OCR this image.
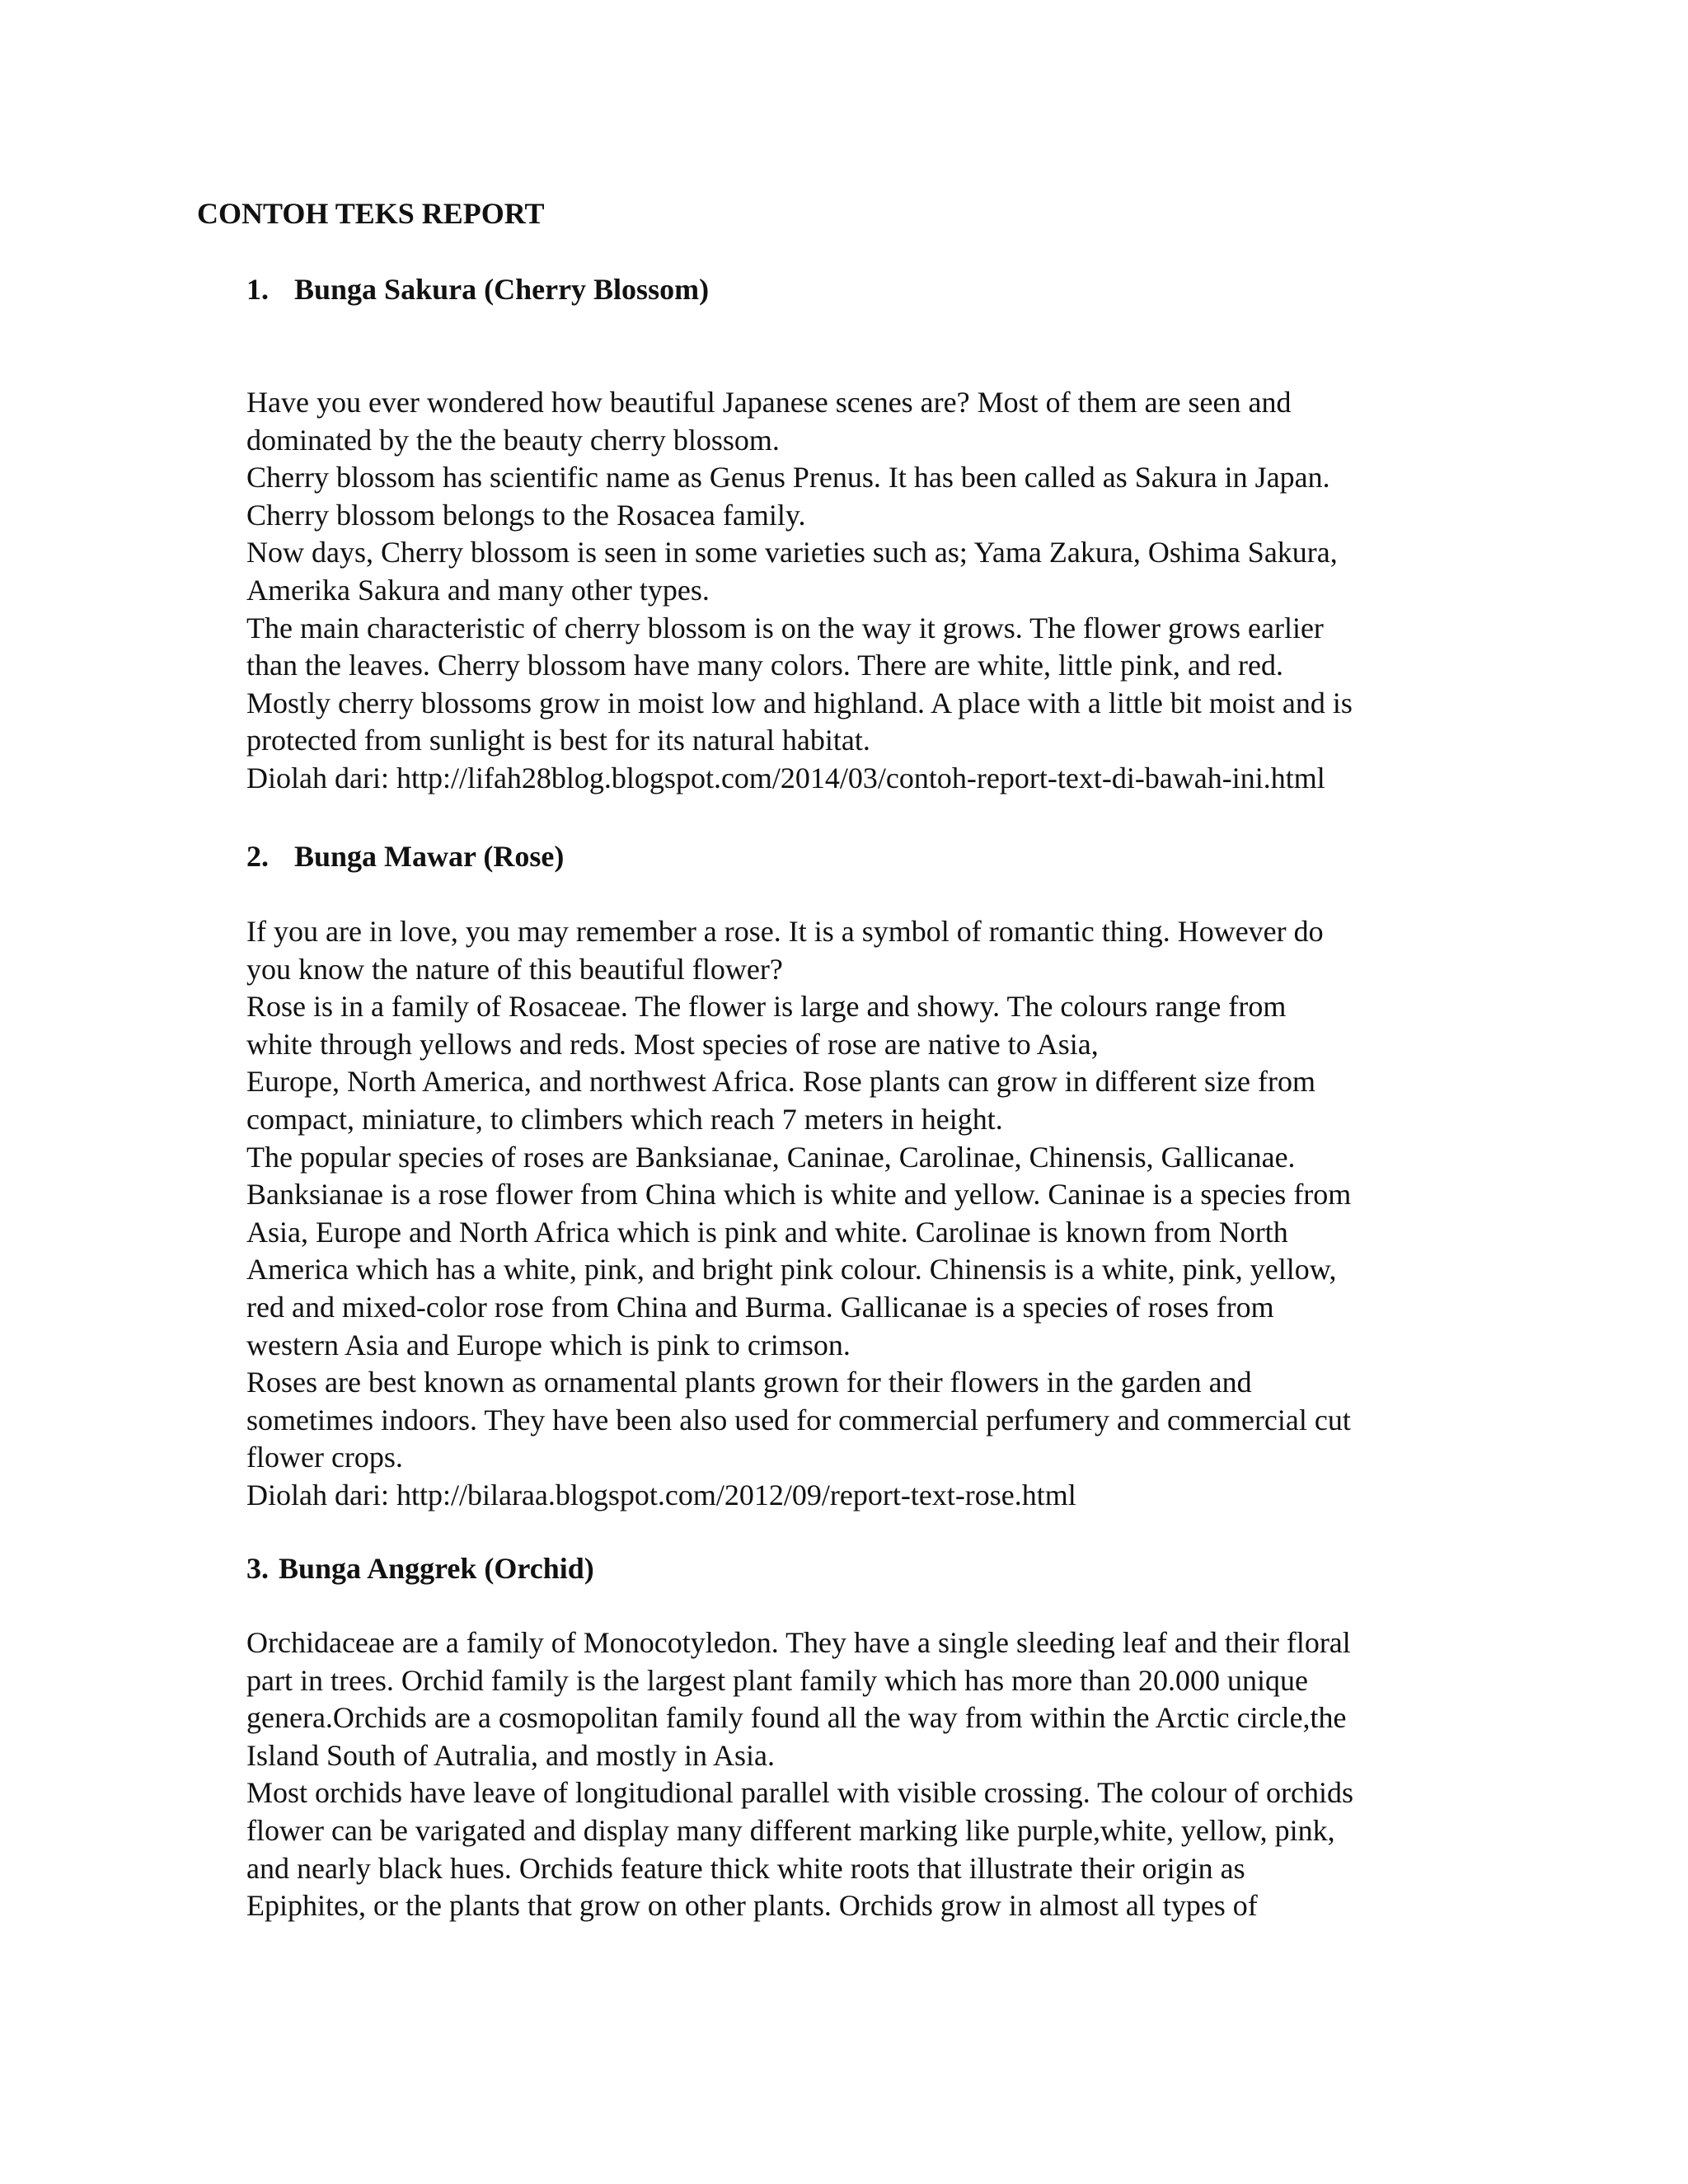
CONTOH TEKS REPORT
1. Bunga Sakura (Cherry Blossom)
Have you ever wondered how beautiful Japanese scenes are? Most of them are seen and
dominated by the the beauty cherry blossom.
Cherry blossom has scientific name as Genus Prenus. It has been called as Sakura in Japan.
Cherry blossom belongs to the Rosacea family.
Now days, Cherry blossom is seen in some varieties such as; Yama Zakura, Oshima Sakura,
Amerika Sakura and many other types.
The main characteristic of cherry blossom is on the way it grows. The flower grows earlier
than the leaves. Cherry blossom have many colors. There are white, little pink, and red.
Mostly cherry blossoms grow in moist low and highland. A place with a little bit moist and is
protected from sunlight is best for its natural habitat.
Diolah dari: http://lifah28blog.blogspot.com/2014/03/contoh-report-text-di-bawah-ini.html
2. Bunga Mawar (Rose)
If you are in love, you may remember a rose. It is a symbol of romantic thing. However do
you know the nature of this beautiful flower?
Rose is in a family of Rosaceae. The flower is large and showy. The colours range from
white through yellows and reds. Most species of rose are native to Asia,
Europe, North America, and northwest Africa. Rose plants can grow in different size from
compact, miniature, to climbers which reach 7 meters in height.
The popular species of roses are Banksianae, Caninae, Carolinae, Chinensis, Gallicanae.
Banksianae is a rose flower from China which is white and yellow. Caninae is a species from
Asia, Europe and North Africa which is pink and white. Carolinae is known from North
America which has a white, pink, and bright pink colour. Chinensis is a white, pink, yellow,
red and mixed-color rose from China and Burma. Gallicanae is a species of roses from
western Asia and Europe which is pink to crimson.
Roses are best known as ornamental plants grown for their flowers in the garden and
sometimes indoors. They have been also used for commercial perfumery and commercial cut
flower crops.
Diolah dari: http://bilaraa.blogspot.com/2012/09/report-text-rose.html
3. Bunga Anggrek (Orchid)
Orchidaceae are a family of Monocotyledon. They have a single sleeding leaf and their floral
part in trees. Orchid family is the largest plant family which has more than 20.000 unique
genera.Orchids are a cosmopolitan family found all the way from within the Arctic circle,the
Island South of Autralia, and mostly in Asia.
Most orchids have leave of longitudional parallel with visible crossing. The colour of orchids
flower can be varigated and display many different marking like purple,white, yellow, pink,
and nearly black hues. Orchids feature thick white roots that illustrate their origin as
Epiphites, or the plants that grow on other plants. Orchids grow in almost all types of
